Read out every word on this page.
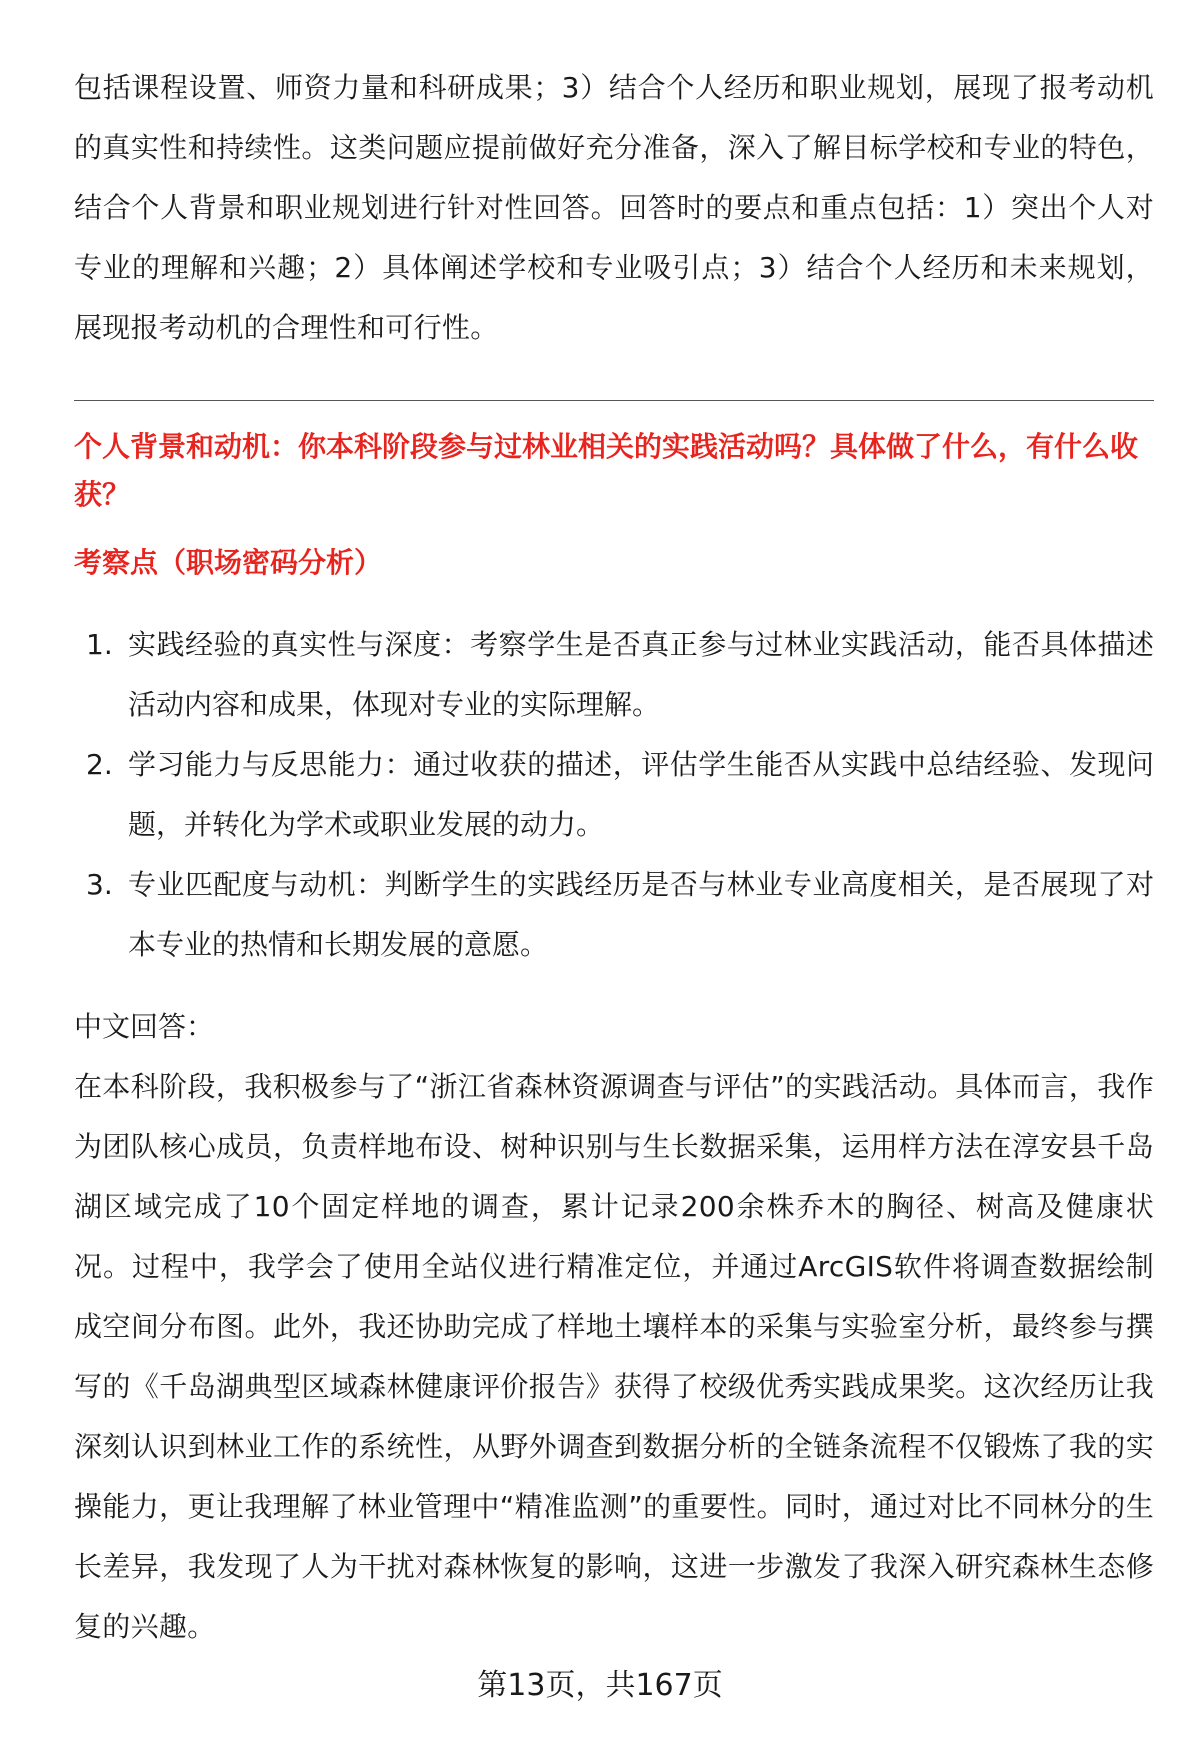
包括课程设置、师资力量和科研成果；3）结合个人经历和职业规划，展现了报考动机的真实性和持续性。这类问题应提前做好充分准备，深入了解目标学校和专业的特色，结合个人背景和职业规划进行针对性回答。回答时的要点和重点包括：1）突出个人对专业的理解和兴趣；2）具体阐述学校和专业吸引点；3）结合个人经历和未来规划，展现报考动机的合理性和可行性。

个人背景和动机：你本科阶段参与过林业相关的实践活动吗？具体做了什么，有什么收获？
考察点（职场密码分析）
1. 实践经验的真实性与深度：考察学生是否真正参与过林业实践活动，能否具体描述活动内容和成果，体现对专业的实际理解。
2. 学习能力与反思能力：通过收获的描述，评估学生能否从实践中总结经验、发现问题，并转化为学术或职业发展的动力。
3. 专业匹配度与动机：判断学生的实践经历是否与林业专业高度相关，是否展现了对本专业的热情和长期发展的意愿。
中文回答：

在本科阶段，我积极参与了“浙江省森林资源调查与评估”的实践活动。具体而言，我作为团队核心成员，负责样地布设、树种识别与生长数据采集，运用样方法在淳安县千岛湖区域完成了10个固定样地的调查，累计记录200余株乔木的胸径、树高及健康状况。过程中，我学会了使用全站仪进行精准定位，并通过ArcGIS软件将调查数据绘制成空间分布图。此外，我还协助完成了样地土壤样本的采集与实验室分析，最终参与撰写的《千岛湖典型区域森林健康评价报告》获得了校级优秀实践成果奖。这次经历让我深刻认识到林业工作的系统性，从野外调查到数据分析的全链条流程不仅锻炼了我的实操能力，更让我理解了林业管理中“精准监测”的重要性。同时，通过对比不同林分的生长差异，我发现了人为干扰对森林恢复的影响，这进一步激发了我深入研究森林生态修复的兴趣。

第13页，共167页
